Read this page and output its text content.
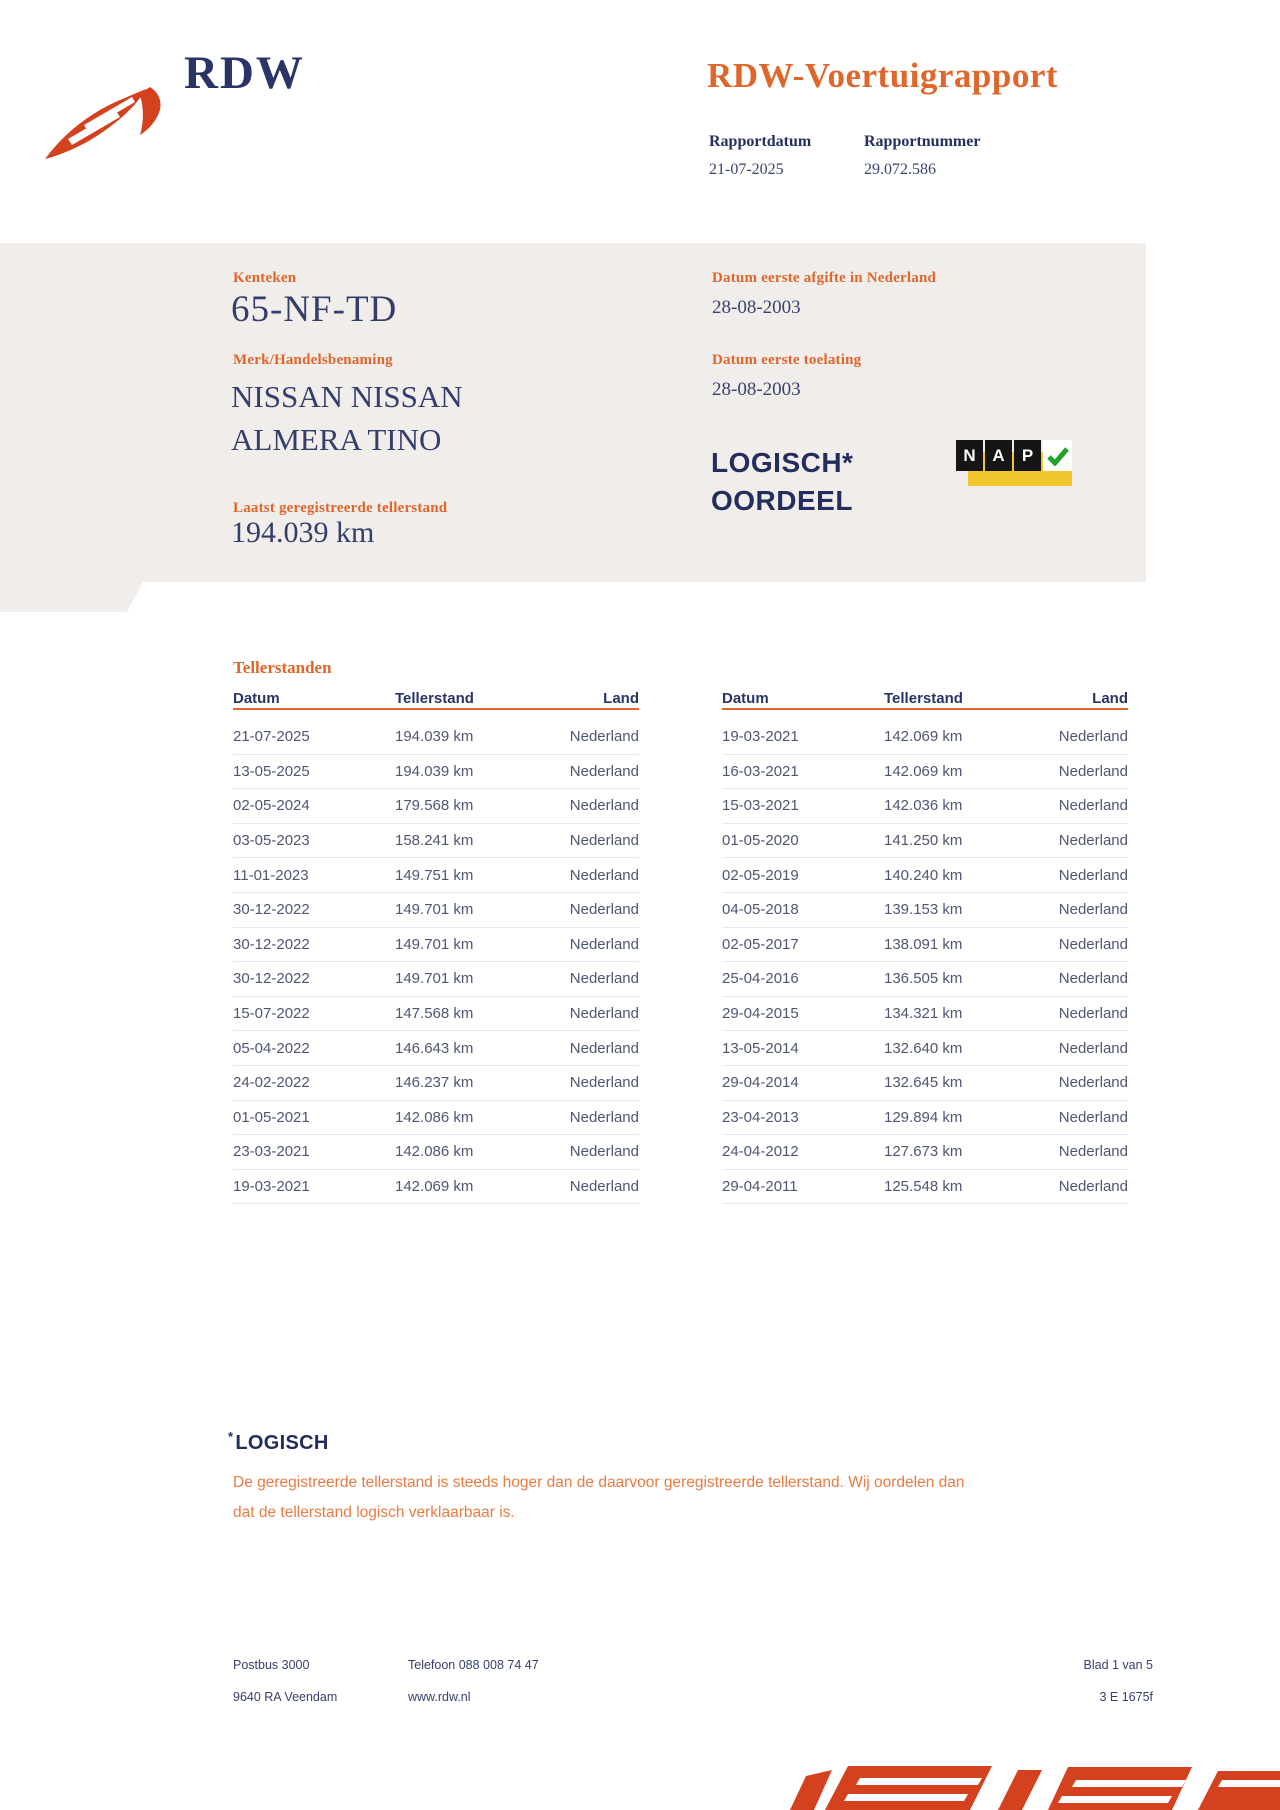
RDW	RDW-Voertuigrapport
Rapportdatum
21-07-2025
Rapportnummer
29.072.586
Kenteken
65-NF-TD
Merk/Handelsbenaming
NISSAN NISSAN
ALMERA TINO
Laatst geregistreerde tellerstand
194.039 km
Datum eerste afgifte in Nederland
28-08-2003
Datum eerste toelating
28-08-2003
LOGISCH*
OORDEEL
N A	P
Tellerstanden
Datum	Tellerstand	Land
21-07-2025	194.039 km	Nederland
13-05-2025	194.039 km	Nederland
02-05-2024	179.568 km	Nederland
03-05-2023	158.241 km	Nederland
11-01-2023	149.751 km	Nederland
30-12-2022	149.701 km	Nederland
30-12-2022	149.701 km	Nederland
30-12-2022	149.701 km	Nederland
15-07-2022	147.568 km	Nederland
05-04-2022	146.643 km	Nederland
24-02-2022	146.237 km	Nederland
01-05-2021	142.086 km	Nederland
23-03-2021	142.086 km	Nederland
19-03-2021	142.069 km	Nederland
Datum	Tellerstand	Land
19-03-2021	142.069 km	Nederland
16-03-2021	142.069 km	Nederland
15-03-2021	142.036 km	Nederland
01-05-2020	141.250 km	Nederland
02-05-2019	140.240 km	Nederland
04-05-2018	139.153 km	Nederland
02-05-2017	138.091 km	Nederland
25-04-2016	136.505 km	Nederland
29-04-2015	134.321 km	Nederland
13-05-2014	132.640 km	Nederland
29-04-2014	132.645 km	Nederland
23-04-2013	129.894 km	Nederland
24-04-2012	127.673 km	Nederland
29-04-2011	125.548 km	Nederland
* LOGISCH
De geregistreerde tellerstand is steeds hoger dan de daarvoor geregistreerde tellerstand. Wij oordelen dan
dat de tellerstand logisch verklaarbaar is.
Postbus 3000
9640 RA Veendam
Telefoon 088 008 74 47
www.rdw.nl
Blad 1 van 5
3 E 1675f
